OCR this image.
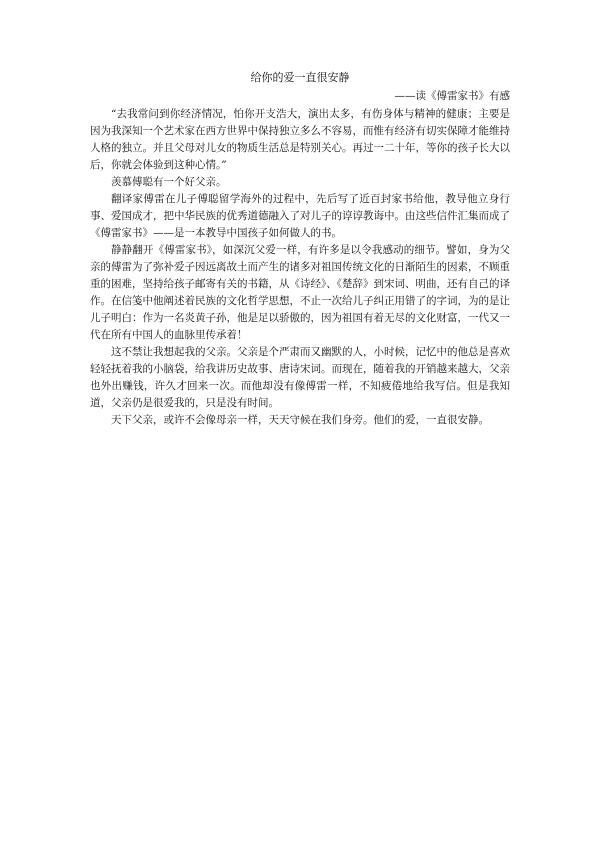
给你的爱一直很安静
——读《傅雷家书》有感

“去我常问到你经济情况，怕你开支浩大，演出太多，有伤身体与精神的健康；主要是因为我深知一个艺术家在西方世界中保持独立多么不容易，而惟有经济有切实保障才能维持人格的独立。并且父母对儿女的物质生活总是特别关心。再过一二十年，等你的孩子长大以后，你就会体验到这种心情。”

羡慕傅聪有一个好父亲。

翻译家傅雷在儿子傅聪留学海外的过程中，先后写了近百封家书给他，教导他立身行事、爱国成才，把中华民族的优秀道德融入了对儿子的谆谆教诲中。由这些信件汇集而成了《傅雷家书》——是一本教导中国孩子如何做人的书。

静静翻开《傅雷家书》，如深沉父爱一样，有许多是以令我感动的细节。譬如，身为父亲的傅雷为了弥补爱子因远离故土而产生的诸多对祖国传统文化的日渐陌生的因素，不顾重重的困难，坚持给孩子邮寄有关的书籍，从《诗经》、《楚辞》到宋词、明曲，还有自己的译作。在信笺中他阐述着民族的文化哲学思想，不止一次给儿子纠正用错了的字词，为的是让儿子明白：作为一名炎黄子孙，他是足以骄傲的，因为祖国有着无尽的文化财富，一代又一代在所有中国人的血脉里传承着！

这不禁让我想起我的父亲。父亲是个严肃而又幽默的人，小时候，记忆中的他总是喜欢轻轻抚着我的小脑袋，给我讲历史故事、唐诗宋词。而现在，随着我的开销越来越大，父亲也外出赚钱，许久才回来一次。而他却没有像傅雷一样，不知疲倦地给我写信。但是我知道，父亲仍是很爱我的，只是没有时间。

天下父亲，或许不会像母亲一样，天天守候在我们身旁。他们的爱，一直很安静。
